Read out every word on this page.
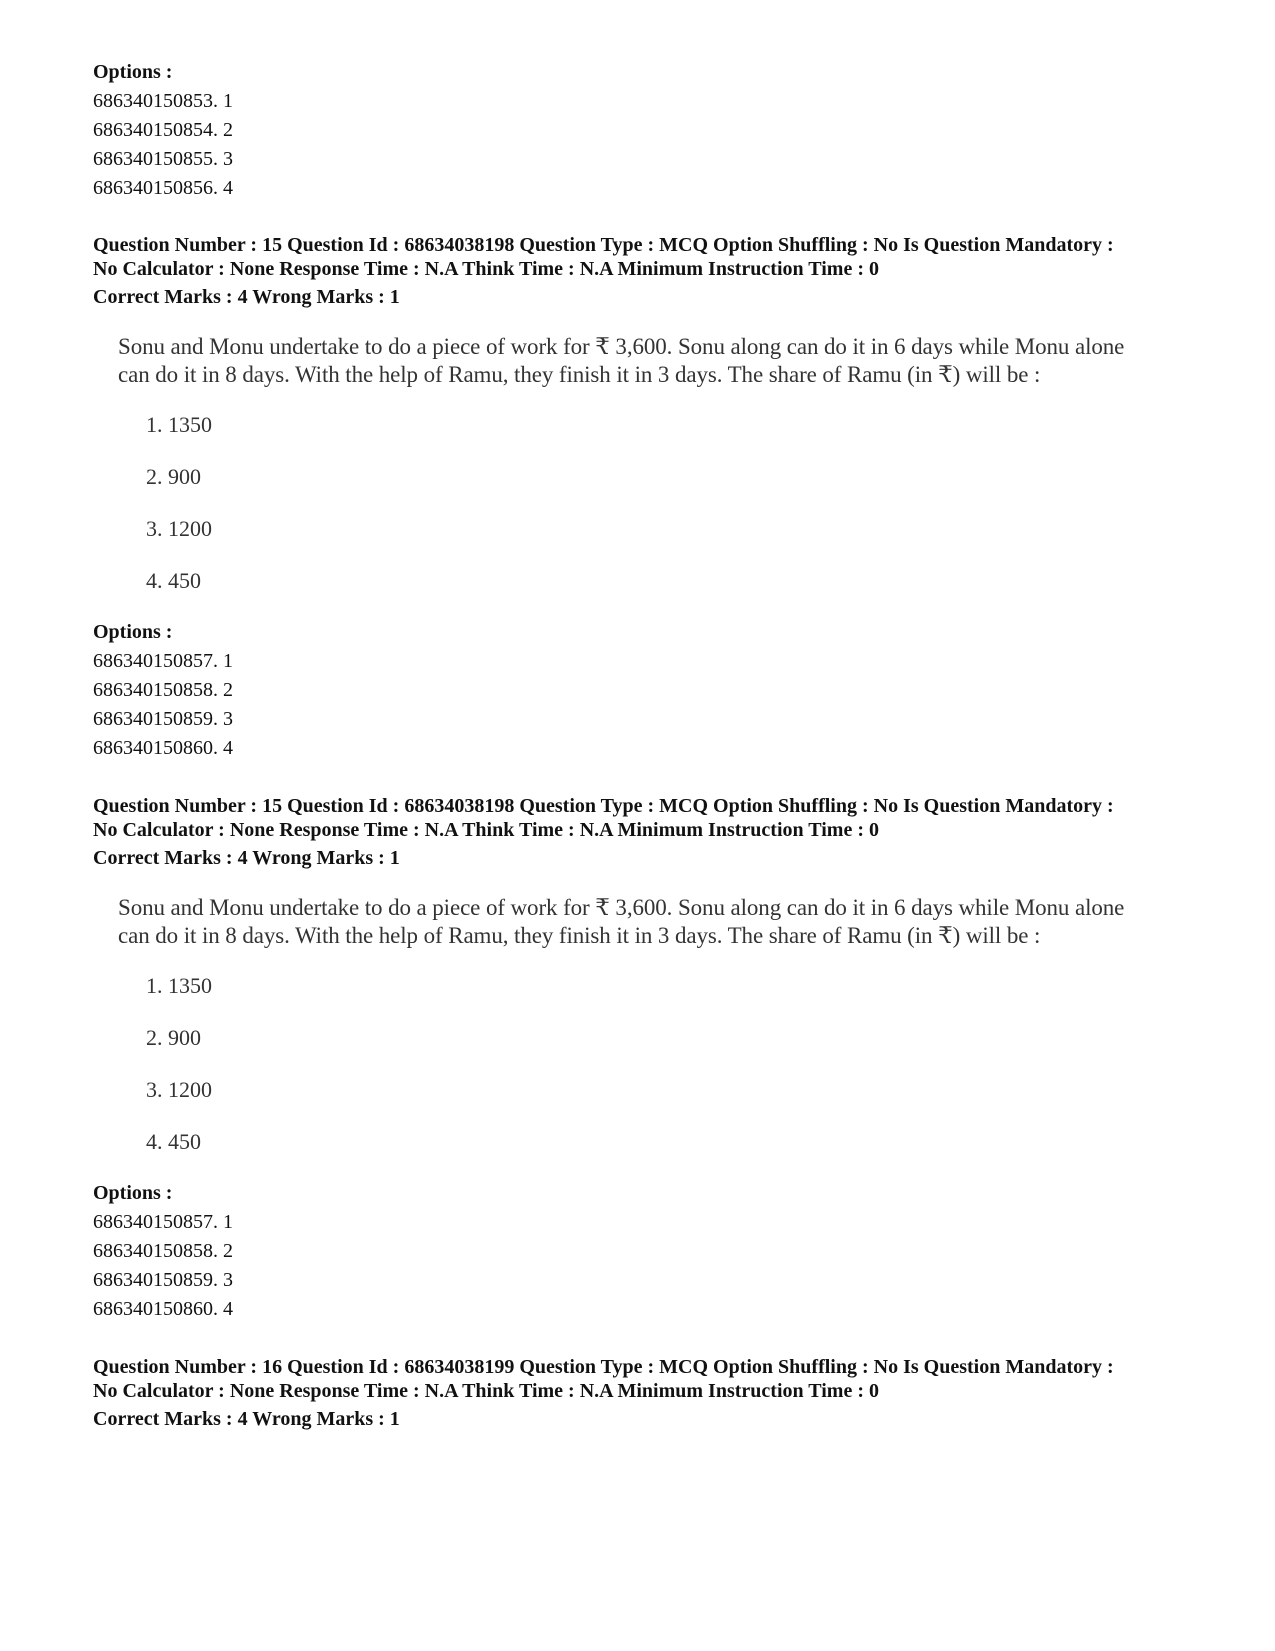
Options :
686340150853. 1
686340150854. 2
686340150855. 3
686340150856. 4
Question Number : 15 Question Id : 68634038198 Question Type : MCQ Option Shuffling : No Is Question Mandatory :
No Calculator : None Response Time : N.A Think Time : N.A Minimum Instruction Time : 0
Correct Marks : 4 Wrong Marks : 1
Sonu and Monu undertake to do a piece of work for ₹ 3,600. Sonu along can do it in 6 days while Monu alone
can do it in 8 days. With the help of Ramu, they finish it in 3 days. The share of Ramu (in ₹) will be :
1. 1350
2. 900
3. 1200
4. 450
Options :
686340150857. 1
686340150858. 2
686340150859. 3
686340150860. 4
Question Number : 15 Question Id : 68634038198 Question Type : MCQ Option Shuffling : No Is Question Mandatory :
No Calculator : None Response Time : N.A Think Time : N.A Minimum Instruction Time : 0
Correct Marks : 4 Wrong Marks : 1
Sonu and Monu undertake to do a piece of work for ₹ 3,600. Sonu along can do it in 6 days while Monu alone
can do it in 8 days. With the help of Ramu, they finish it in 3 days. The share of Ramu (in ₹) will be :
1. 1350
2. 900
3. 1200
4. 450
Options :
686340150857. 1
686340150858. 2
686340150859. 3
686340150860. 4
Question Number : 16 Question Id : 68634038199 Question Type : MCQ Option Shuffling : No Is Question Mandatory :
No Calculator : None Response Time : N.A Think Time : N.A Minimum Instruction Time : 0
Correct Marks : 4 Wrong Marks : 1
